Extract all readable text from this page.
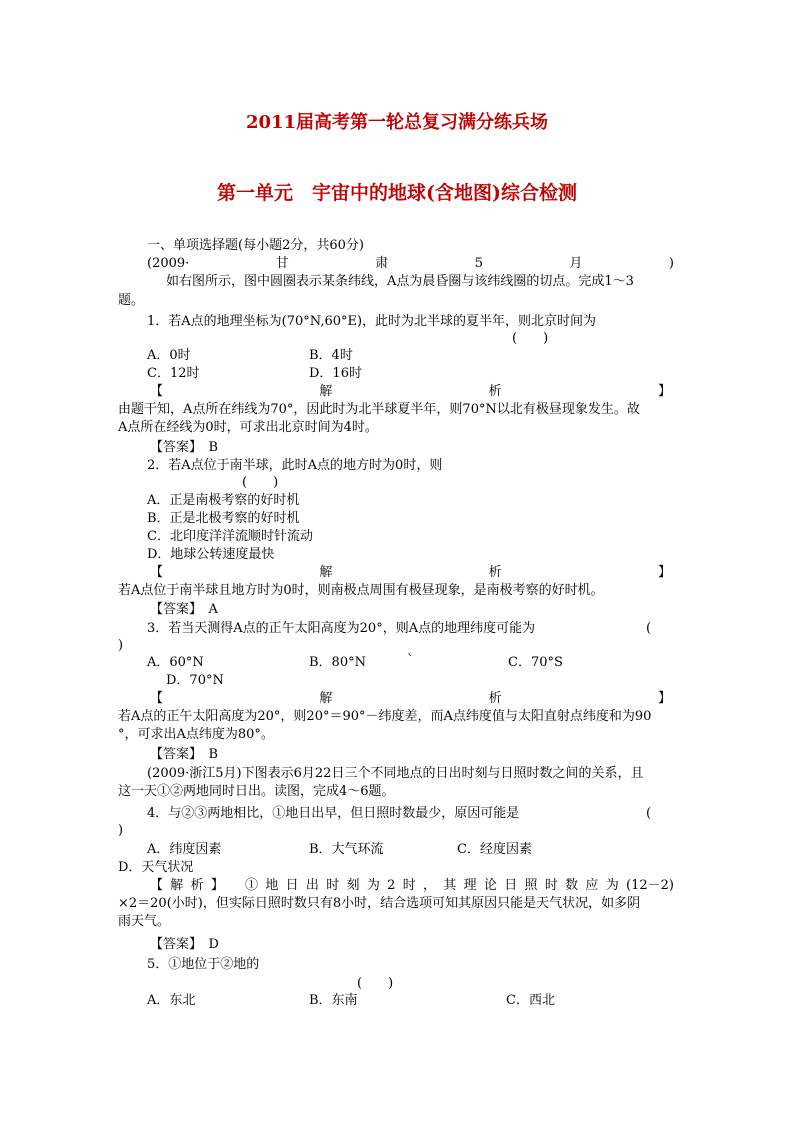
2011届高考第一轮总复习满分练兵场
第一单元　宇宙中的地球(含地图)综合检测
一、单项选择题(每小题2分，共60分)
(2009·	甘	肃	5	月	)
如右图所示，图中圆圈表示某条纬线，A点为晨昏圈与该纬线圈的切点。完成1～3
题。
1．若A点的地理坐标为(70°N,60°E)，此时为北半球的夏半年，则北京时间为
(　　)
A．0时	B．4时
C．12时	D．16时
【	解	析	】
由题干知，A点所在纬线为70°，因此时为北半球夏半年，则70°N以北有极昼现象发生。故
A点所在经线为0时，可求出北京时间为4时。
【答案】　B
2．若A点位于南半球，此时A点的地方时为0时，则
(　　)
A．正是南极考察的好时机
B．正是北极考察的好时机
C．北印度洋洋流顺时针流动
D．地球公转速度最快
【	解	析	】
若A点位于南半球且地方时为0时，则南极点周围有极昼现象，是南极考察的好时机。
【答案】　A
3．若当天测得A点的正午太阳高度为20°，则A点的地理纬度可能为	(
)
A．60°N	B．80°N	`	C．70°S
D．70°N
【	解	析	】
若A点的正午太阳高度为20°，则20°＝90°－纬度差，而A点纬度值与太阳直射点纬度和为90
°，可求出A点纬度为80°。
【答案】　B
(2009·浙江5月)下图表示6月22日三个不同地点的日出时刻与日照时数之间的关系，且
这一天①②两地同时日出。读图，完成4～6题。
4．与②③两地相比，①地日出早，但日照时数最少，原因可能是	(
)
A．纬度因素	B．大气环流	C．经度因素
D．天气状况
【解析】　①地日出时刻为2时，其理论日照时数应为(12－2)
×2＝20(小时)，但实际日照时数只有8小时，结合选项可知其原因只能是天气状况，如多阴
雨天气。
【答案】　D
5．①地位于②地的
(　　)
A．东北	B．东南	C．西北
